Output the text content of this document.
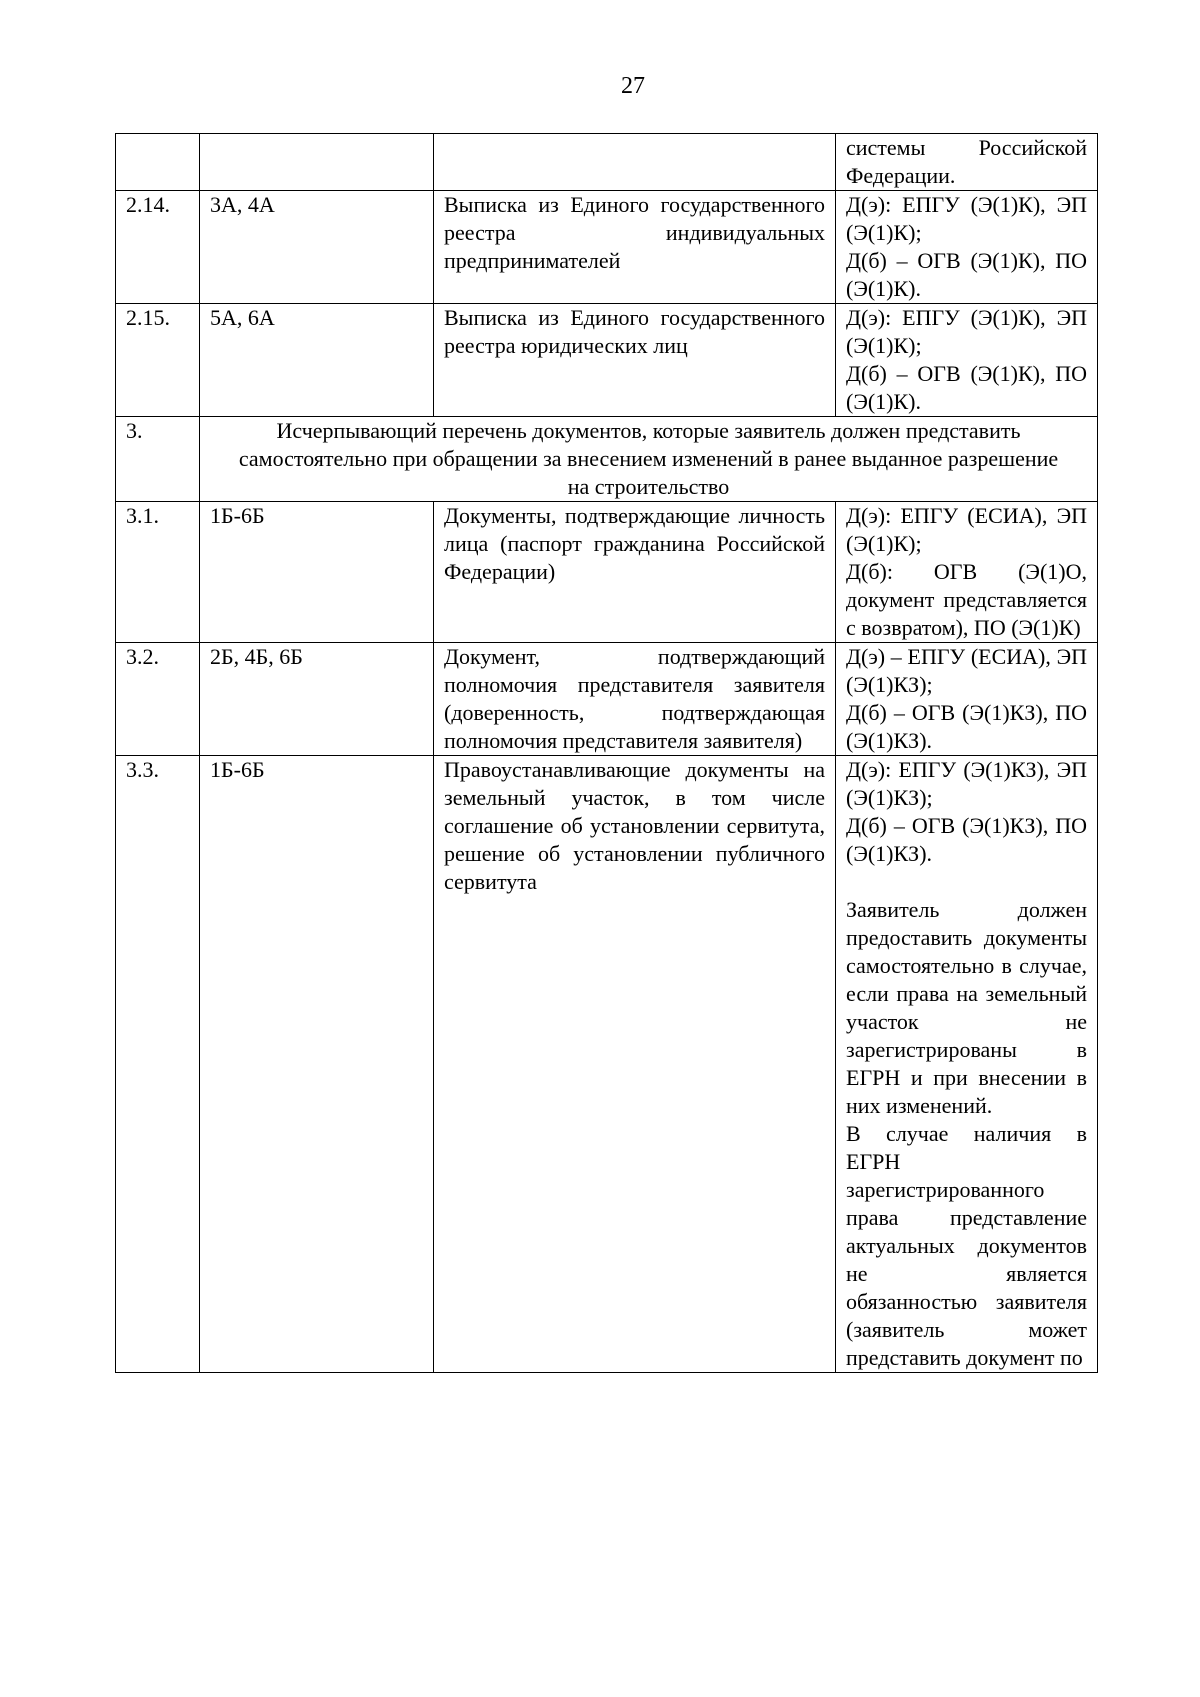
27

			системы Российской Федерации.

2.14.	3А, 4А	Выписка из Единого государственного реестра индивидуальных предпринимателей	Д(э): ЕПГУ (Э(1)К), ЭП (Э(1)К);
Д(б) – ОГВ (Э(1)К), ПО (Э(1)К).

2.15.	5А, 6А	Выписка из Единого государственного реестра юридических лиц	Д(э): ЕПГУ (Э(1)К), ЭП (Э(1)К);
Д(б) – ОГВ (Э(1)К), ПО (Э(1)К).

3.	Исчерпывающий перечень документов, которые заявитель должен представить самостоятельно при обращении за внесением изменений в ранее выданное разрешение на строительство		
3.1.	1Б-6Б	Документы, подтверждающие личность лица (паспорт гражданина Российской Федерации)	Д(э): ЕПГУ (ЕСИА), ЭП (Э(1)К);
Д(б): ОГВ (Э(1)О, документ представляется с возвратом), ПО (Э(1)К)

3.2.	2Б, 4Б, 6Б	Документ, подтверждающий полномочия представителя заявителя (доверенность, подтверждающая полномочия представителя заявителя)	Д(э) – ЕПГУ (ЕСИА), ЭП (Э(1)КЗ);
Д(б) – ОГВ (Э(1)КЗ), ПО (Э(1)КЗ).

3.3.	1Б-6Б	Правоустанавливающие документы на земельный участок, в том числе соглашение об установлении сервитута, решение об установлении публичного сервитута	Д(э): ЕПГУ (Э(1)КЗ), ЭП (Э(1)КЗ);
Д(б) – ОГВ (Э(1)КЗ), ПО (Э(1)КЗ).
Заявитель должен предоставить документы самостоятельно в случае, если права на земельный участок не зарегистрированы в ЕГРН и при внесении в них изменений.
В случае наличия в ЕГРН зарегистрированного права представление актуальных документов не является обязанностью заявителя (заявитель может представить документ по
